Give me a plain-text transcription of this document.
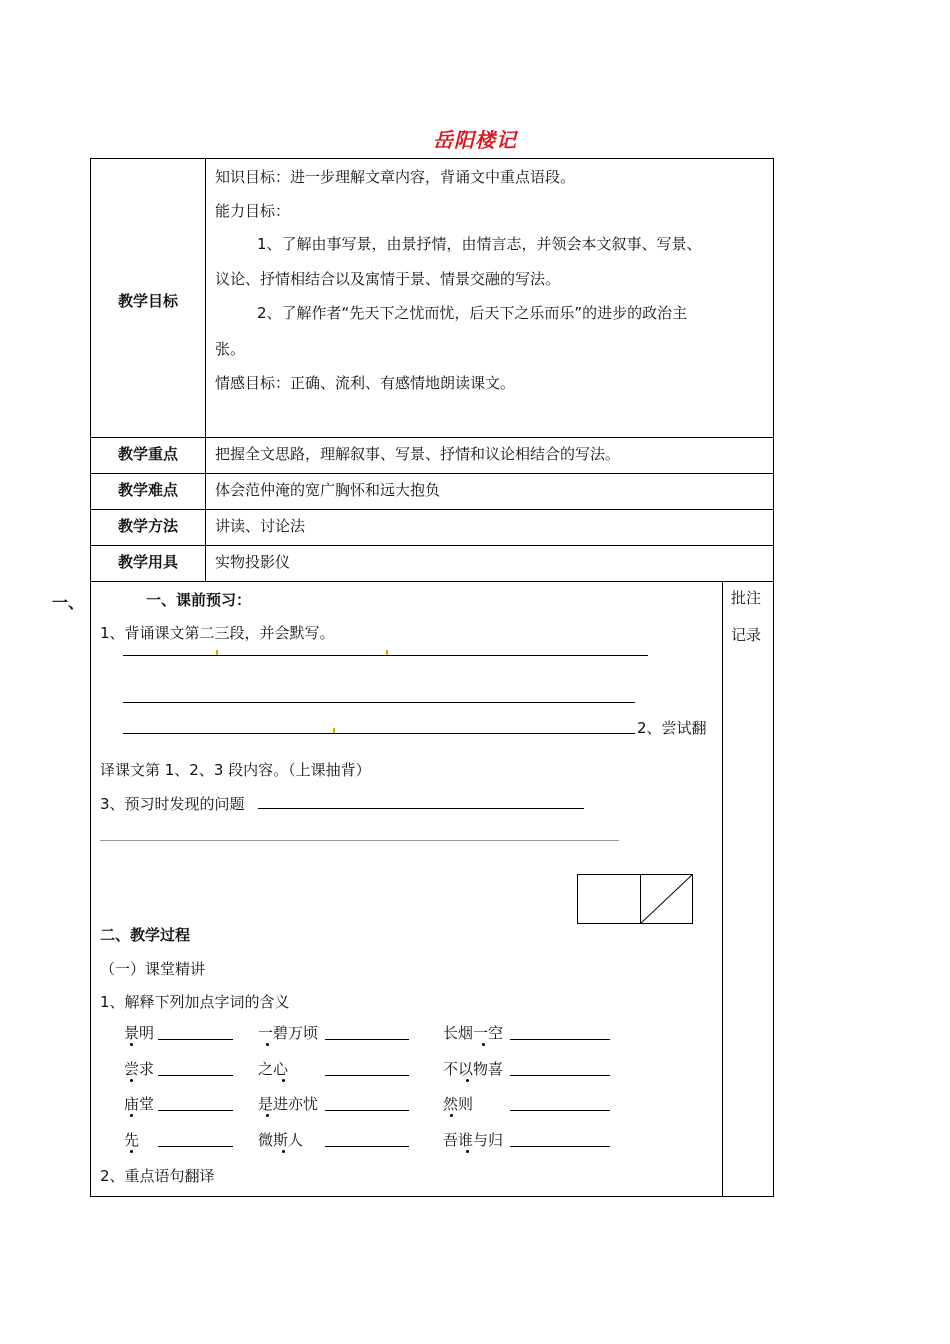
岳阳楼记
教学目标
知识目标：进一步理解文章内容，背诵文中重点语段。
能力目标：
1、了解由事写景，由景抒情，由情言志，并领会本文叙事、写景、
议论、抒情相结合以及寓情于景、情景交融的写法。
2、了解作者“先天下之忧而忧，后天下之乐而乐”的进步的政治主
张。
情感目标：正确、流利、有感情地朗读课文。
教学重点	把握全文思路，理解叙事、写景、抒情和议论相结合的写法。
教学难点	体会范仲淹的宽广胸怀和远大抱负
教学方法	讲读、讨论法
教学用具	实物投影仪
一、	批注
记录
一、课前预习：
1、背诵课文第二三段，并会默写。
2、尝试翻
译课文第 1、2、3 段内容。（上课抽背）
3、预习时发现的问题
二、教学过程
（一）课堂精讲
1、解释下列加点字词的含义
景明	一碧万顷	长烟一空
尝求	之心	不以物喜
庙堂	是进亦忧	然则
先	微斯人	吾谁与归
2、重点语句翻译
